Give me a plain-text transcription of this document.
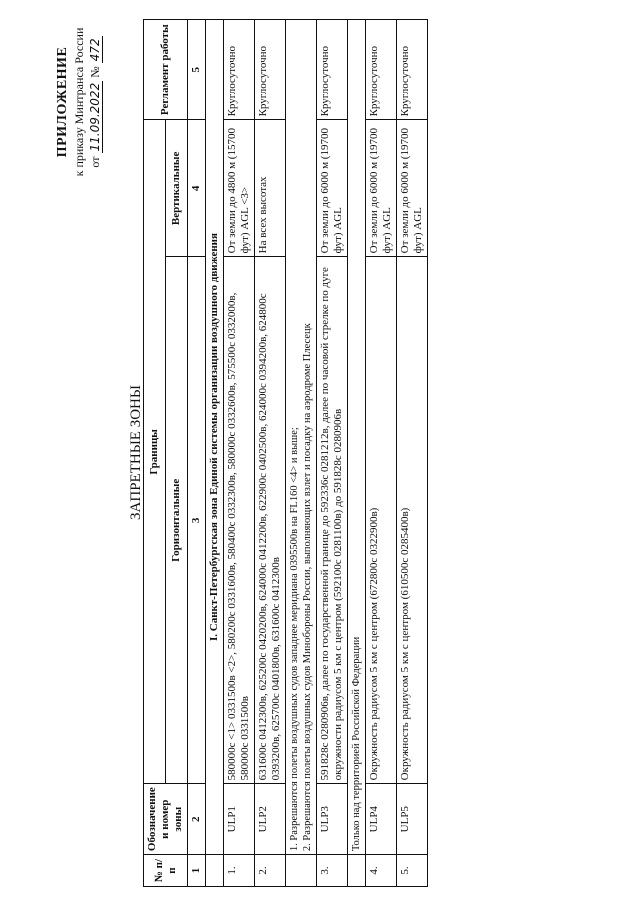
ПРИЛОЖЕНИЕ к приказу Минтранса России от 11.09.2022 № 472
ЗАПРЕТНЫЕ ЗОНЫ
№ п/п	Обозначение и номер зоны	Границы		Регламент работы
		Горизонтальные	Вертикальные	
1	2	3	4	5
	I. Санкт-Петербургская зона Единой системы организации воздушного движения			
1.	ULP1	580000с <1> 0331500в <2>, 580200с 0331600в, 580400с 0332300в, 580000с 0332600в, 575500с 0332000в, 580000с 0331500в	От земли до 4800 м (15700 фут) AGL <3>	Круглосуточно
2.	ULP2	631600с 0412300в, 625200с 0420200в, 624000с 0412200в, 622900с 0402500в, 624000с 0394200в, 624800с 0393200в, 625700с 0401800в, 631600с 0412300в	На всех высотах	Круглосуточно

	1. Разрешаются полеты воздушных судов западнее меридиана 0395500в на FL160 <4> и выше; 2. Разрешаются полеты воздушных судов Минобороны России, выполняющих взлет и посадку на аэродроме Плесецк			

3.	ULP3	591828с 0280906в, далее по государственной границе до 592336с 0281212в, далее по часовой стрелке по дуге окружности радиусом 5 км с центром (592100с 0281100в) до 591828с 0280906в	От земли до 6000 м (19700 фут) AGL	Круглосуточно
	Только над территорией Российской Федерации			
4.	ULP4	Окружность радиусом 5 км с центром (672800с 0322900в)	От земли до 6000 м (19700 фут) AGL	Круглосуточно
5.	ULP5	Окружность радиусом 5 км с центром (610500с 0285400в)	От земли до 6000 м (19700 фут) AGL	Круглосуточно
